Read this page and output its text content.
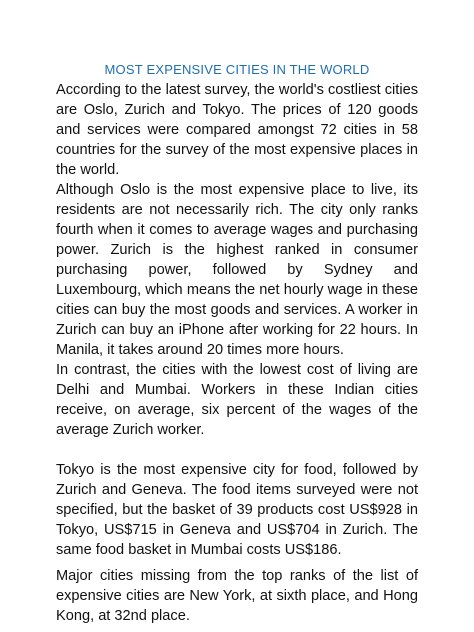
MOST EXPENSIVE CITIES IN THE WORLD

According to the latest survey, the world's costliest cities are Oslo, Zurich and Tokyo. The prices of 120 goods and services were compared amongst 72 cities in 58 countries for the survey of the most expensive places in the world.

Although Oslo is the most expensive place to live, its residents are not necessarily rich. The city only ranks fourth when it comes to average wages and purchasing power. Zurich is the highest ranked in consumer purchasing power, followed by Sydney and Luxembourg, which means the net hourly wage in these cities can buy the most goods and services. A worker in Zurich can buy an iPhone after working for 22 hours. In Manila, it takes around 20 times more hours.

In contrast, the cities with the lowest cost of living are Delhi and Mumbai. Workers in these Indian cities receive, on average, six percent of the wages of the average Zurich worker.

Tokyo is the most expensive city for food, followed by Zurich and Geneva. The food items surveyed were not specified, but the basket of 39 products cost US$928 in Tokyo, US$715 in Geneva and US$704 in Zurich. The same food basket in Mumbai costs US$186.

Major cities missing from the top ranks of the list of expensive cities are New York, at sixth place, and Hong Kong, at 32nd place.
